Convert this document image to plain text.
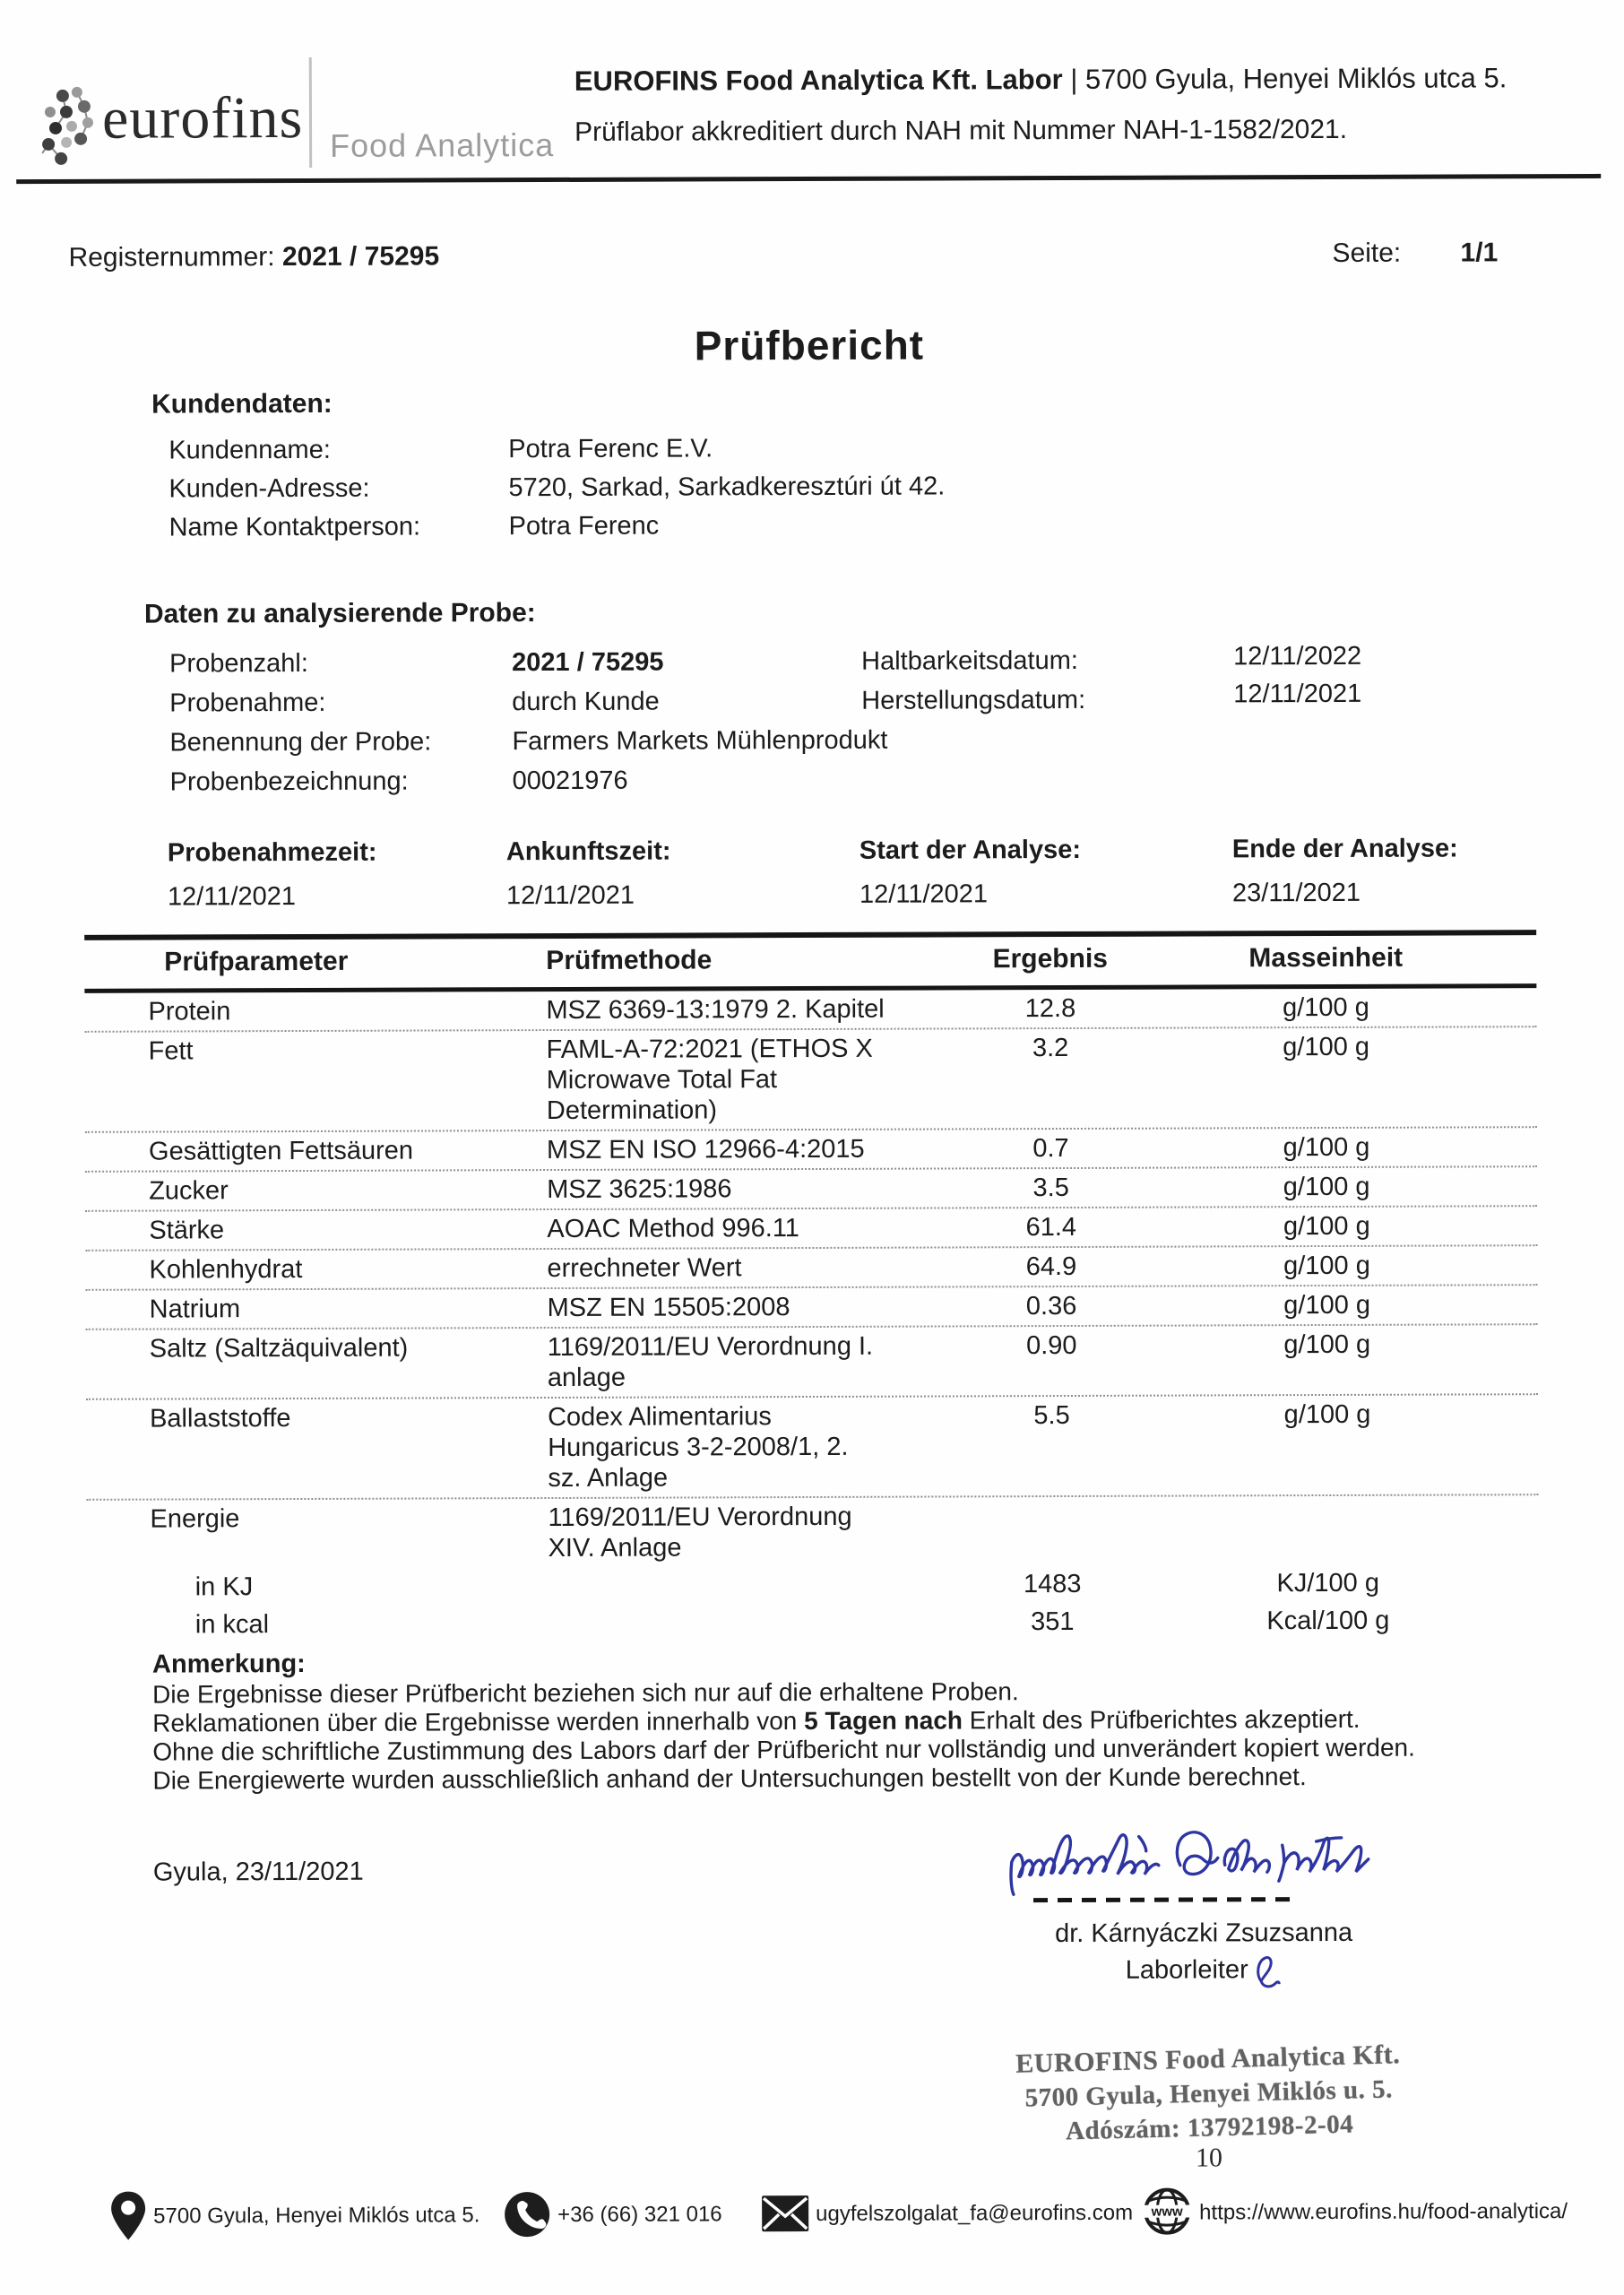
eurofins Food Analytica
EUROFINS Food Analytica Kft. Labor | 5700 Gyula, Henyei Miklós utca 5.
Prüflabor akkreditiert durch NAH mit Nummer NAH-1-1582/2021.
Registernummer: 2021 / 75295	Seite: 1/1
Prüfbericht
Kundendaten:
Kundenname:	Potra Ferenc E.V.
Kunden-Adresse:	5720, Sarkad, Sarkadkeresztúri út 42.
Name Kontaktperson:	Potra Ferenc
Daten zu analysierende Probe:
Probenzahl:	2021 / 75295
Probenahme:	durch Kunde
Benennung der Probe:	Farmers Markets Mühlenprodukt
Probenbezeichnung:	00021976
Haltbarkeitsdatum:	12/11/2022
Herstellungsdatum:	12/11/2021
Probenahmezeit:
12/11/2021
Ankunftszeit:
12/11/2021
Start der Analyse:
12/11/2021
Ende der Analyse:
23/11/2021
Prüfparameter	Prüfmethode	Ergebnis	Masseinheit
Protein	MSZ 6369-13:1979 2. Kapitel	12.8	g/100 g
Fett	FAML-A-72:2021 (ETHOS X
Microwave Total Fat
Determination)
3.2	g/100 g
Gesättigten Fettsäuren	MSZ EN ISO 12966-4:2015	0.7	g/100 g
Zucker	MSZ 3625:1986	3.5	g/100 g
Stärke	AOAC Method 996.11	61.4	g/100 g
Kohlenhydrat	errechneter Wert	64.9	g/100 g
Natrium	MSZ EN 15505:2008	0.36	g/100 g
Saltz (Saltzäquivalent)	1169/2011/EU Verordnung I.
anlage
0.90	g/100 g
Ballaststoffe	Codex Alimentarius
Hungaricus 3-2-2008/1, 2.
sz. Anlage
5.5	g/100 g
Energie	1169/2011/EU Verordnung
XIV. Anlage
in KJ	1483	KJ/100 g
in kcal	351	Kcal/100 g
Anmerkung:
Die Ergebnisse dieser Prüfbericht beziehen sich nur auf die erhaltene Proben.
Reklamationen über die Ergebnisse werden innerhalb von 5 Tagen nach Erhalt des Prüfberichtes akzeptiert.
Ohne die schriftliche Zustimmung des Labors darf der Prüfbericht nur vollständig und unverändert kopiert werden.
Die Energiewerte wurden ausschließlich anhand der Untersuchungen bestellt von der Kunde berechnet.
Gyula, 23/11/2021
dr. Kárnyáczki Zsuzsanna
Laborleiter
EUROFINS Food Analytica Kft.
5700 Gyula, Henyei Miklós u. 5.
Adószám: 13792198-2-04
10
5700 Gyula, Henyei Miklós utca 5.	+36 (66) 321 016	ugyfelszolgalat_fa@eurofins.com www https://www.eurofins.hu/food-analytica/
